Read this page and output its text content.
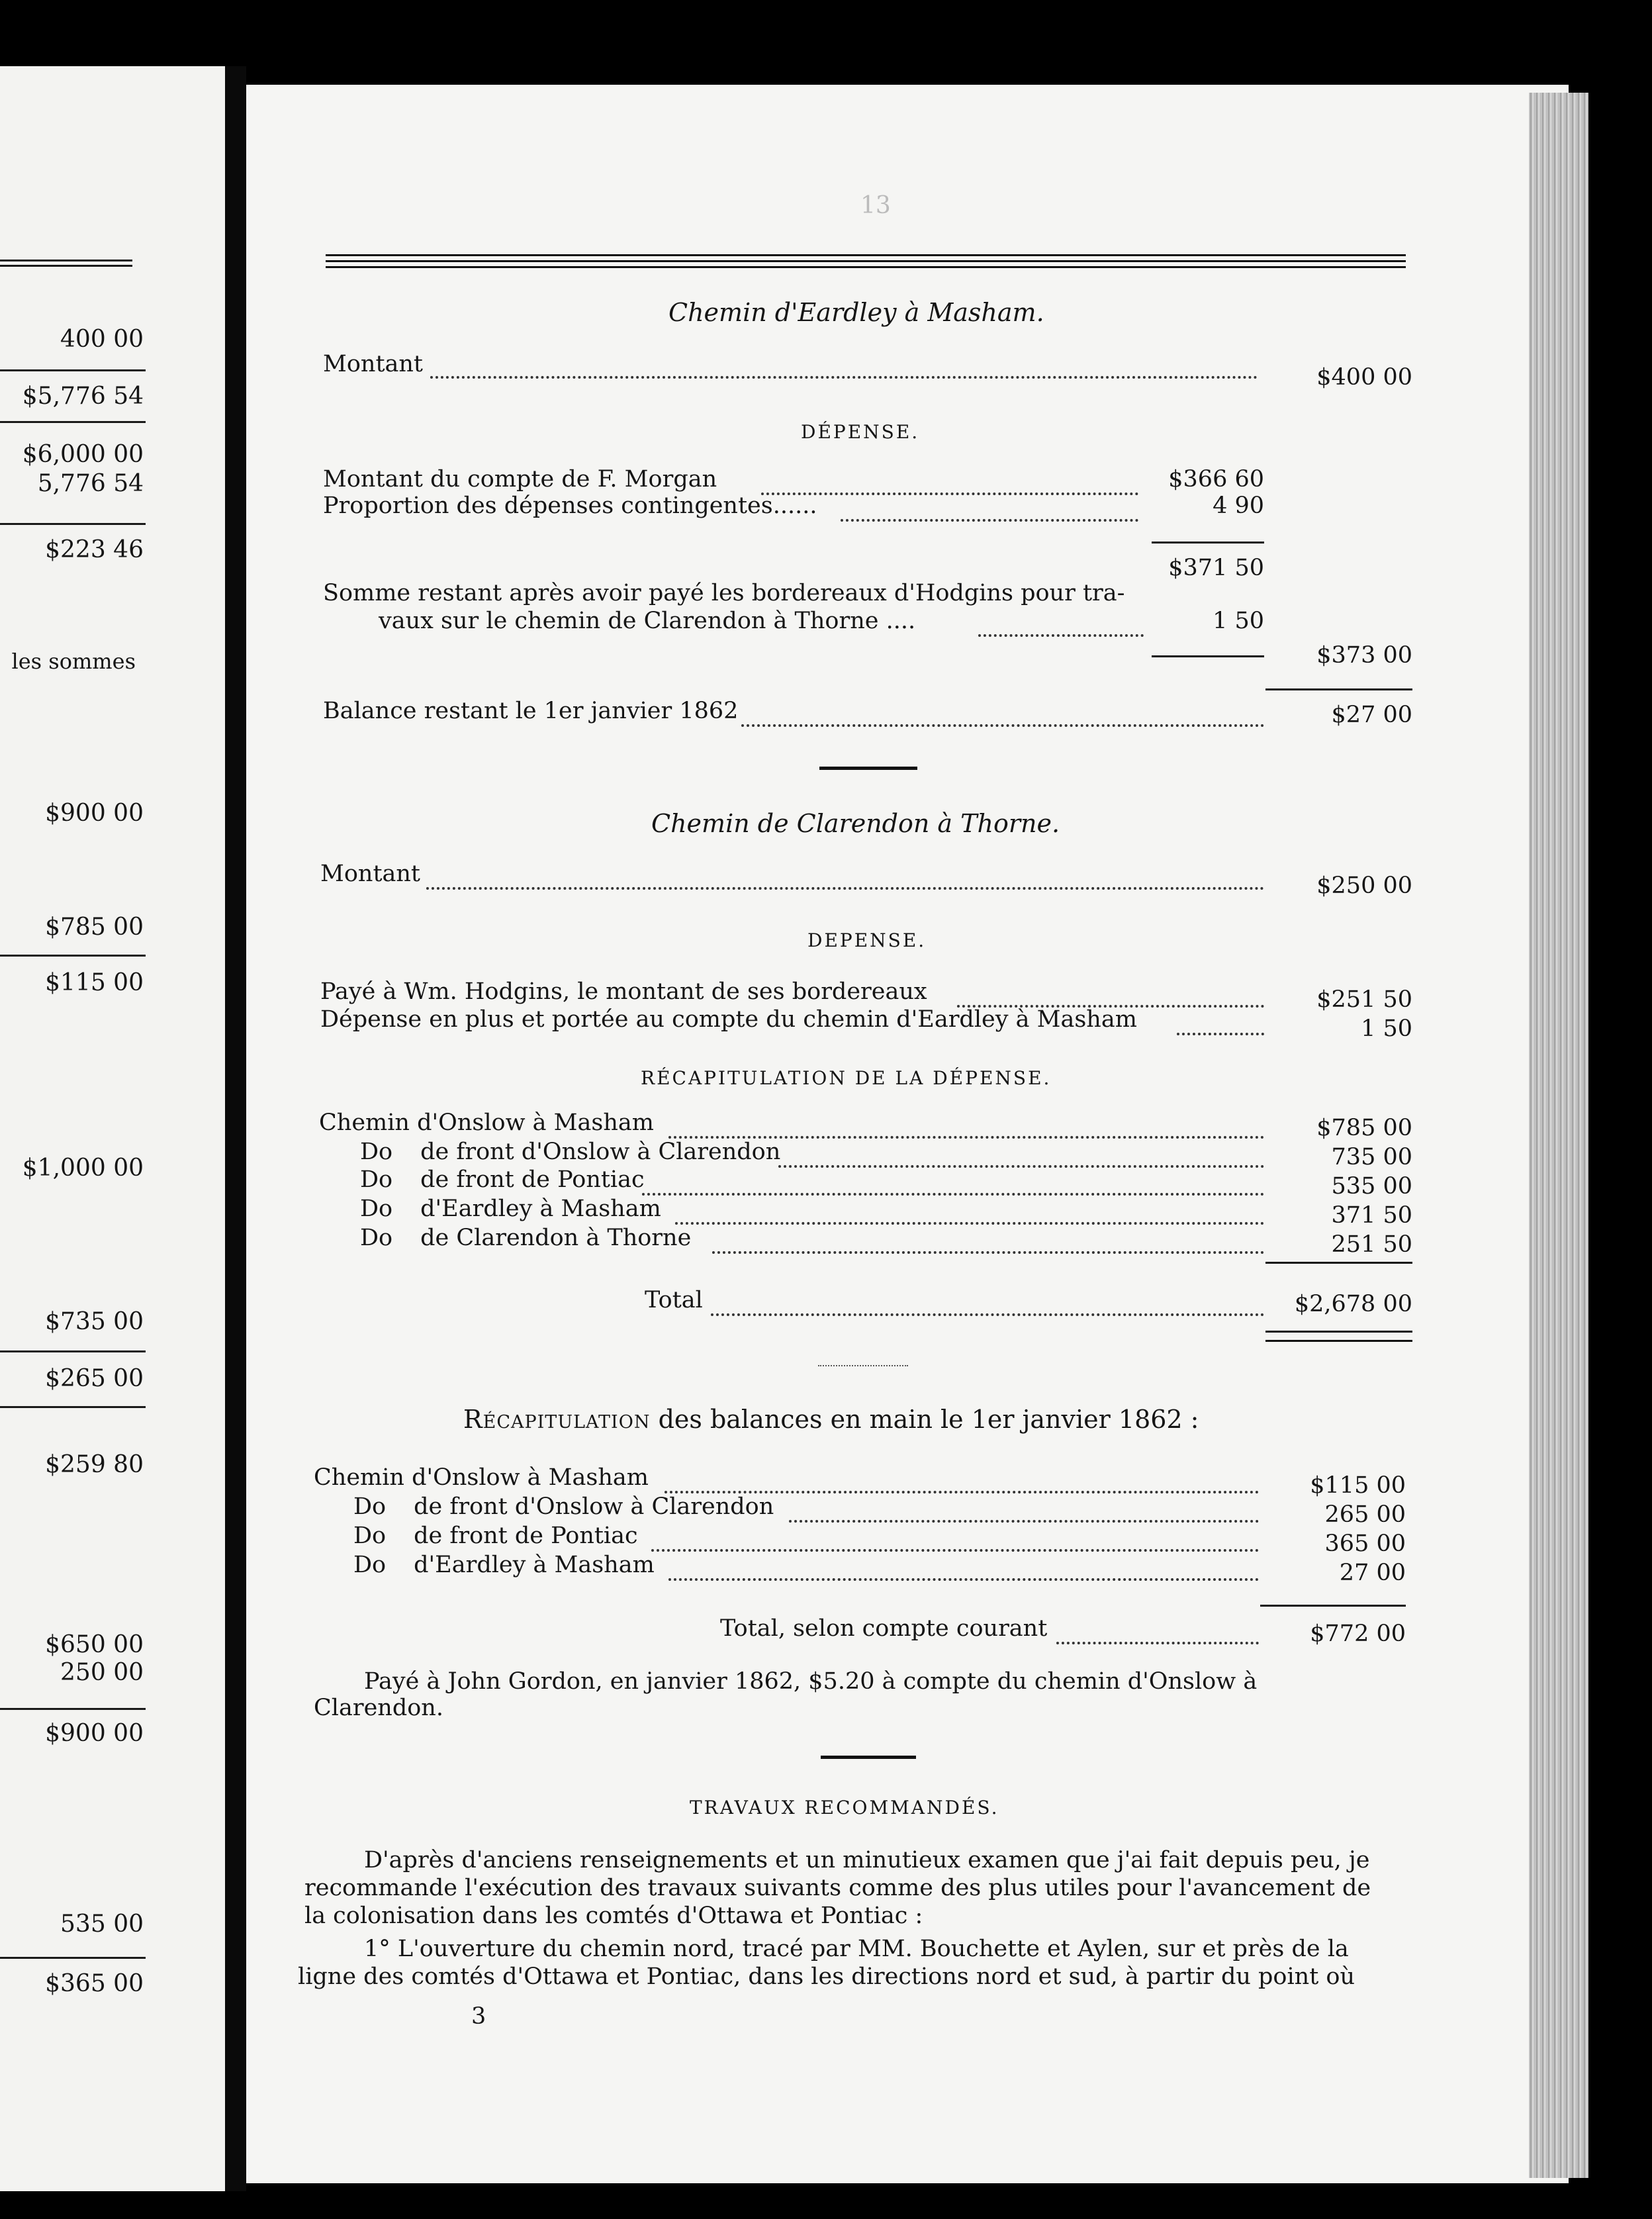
400 00
$5,776 54
$6,000 00
5,776 54
$223 46
les sommes
$900 00
$785 00
$115 00
$1,000 00
$735 00
$265 00
$259 80
$650 00
250 00
$900 00
535 00
$365 00
13
Chemin d'Eardley à Masham.
Montant	$400 00
DÉPENSE.
Montant du compte de F. Morgan	$366 60
Proportion des dépenses contingentes......	4 90
$371 50
Somme restant après avoir payé les bordereaux d'Hodgins pour tra-
vaux sur le chemin de Clarendon à Thorne ....	1 50
$373 00
Balance restant le 1er janvier 1862	$27 00
Chemin de Clarendon à Thorne.
Montant	$250 00
DEPENSE.
Payé à Wm. Hodgins, le montant de ses bordereaux	$251 50
Dépense en plus et portée au compte du chemin d'Eardley à Masham	1 50
RÉCAPITULATION DE LA DÉPENSE.
Chemin d'Onslow à Masham	$785 00
Do de front d'Onslow à Clarendon	735 00
Do de front de Pontiac	535 00
Do d'Eardley à Masham	371 50
Do de Clarendon à Thorne	251 50
Total	$2,678 00
Récapitulation des balances en main le 1er janvier 1862 :
Chemin d'Onslow à Masham	$115 00
Do de front d'Onslow à Clarendon	265 00
Do de front de Pontiac	365 00
Do d'Eardley à Masham	27 00
Total, selon compte courant	$772 00
Payé à John Gordon, en janvier 1862, $5.20 à compte du chemin d'Onslow à
Clarendon.
TRAVAUX RECOMMANDÉS.
D'après d'anciens renseignements et un minutieux examen que j'ai fait depuis peu, je
recommande l'exécution des travaux suivants comme des plus utiles pour l'avancement de
la colonisation dans les comtés d'Ottawa et Pontiac :
1° L'ouverture du chemin nord, tracé par MM. Bouchette et Aylen, sur et près de la
ligne des comtés d'Ottawa et Pontiac, dans les directions nord et sud, à partir du point où
3
